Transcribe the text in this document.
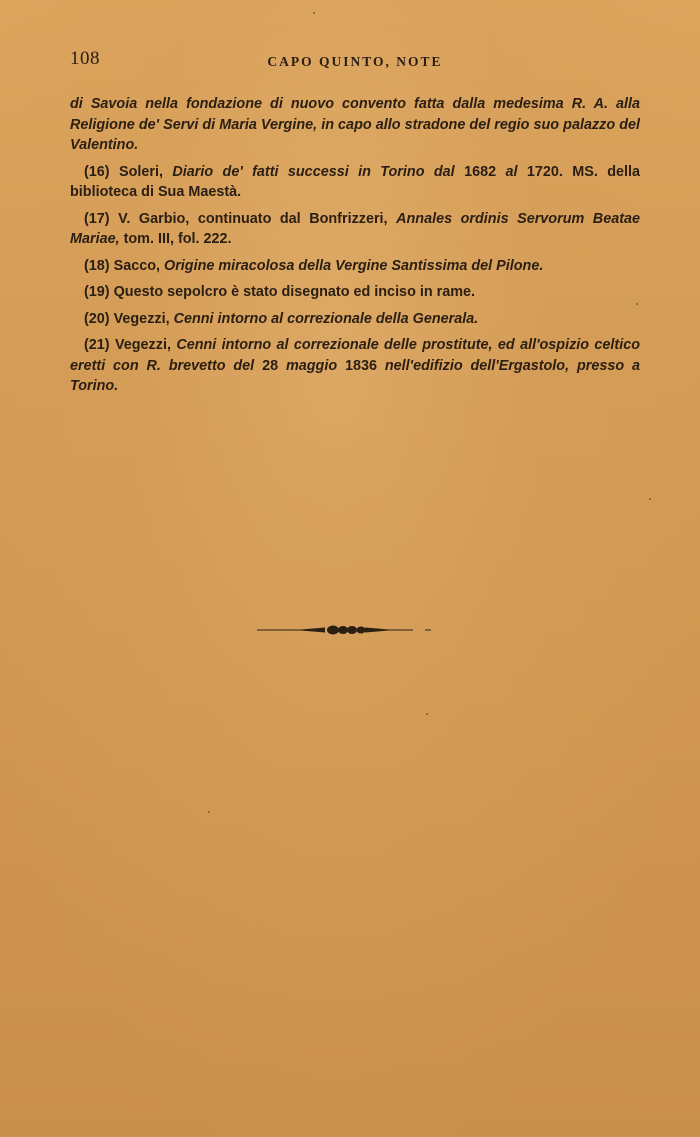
108	CAPO QUINTO, NOTE

di Savoia nella fondazione di nuovo convento fatta dalla medesima R. A. alla Religione de' Servi di Maria Vergine, in capo allo stradone del regio suo palazzo del Valentino.

(16) Soleri, Diario de' fatti successi in Torino dal 1682 al 1720. MS. della biblioteca di Sua Maestà.

(17) V. Garbio, continuato dal Bonfrizzeri, Annales ordinis Servorum Beatae Mariae, tom. III, fol. 222.

(18) Sacco, Origine miracolosa della Vergine Santissima del Pilone.

(19) Questo sepolcro è stato disegnato ed inciso in rame.

(20) Vegezzi, Cenni intorno al correzionale della Generala.

(21) Vegezzi, Cenni intorno al correzionale delle prostitute, ed all'ospizio celtico eretti con R. brevetto del 28 maggio 1836 nell'edifizio dell'Ergastolo, presso a Torino.
